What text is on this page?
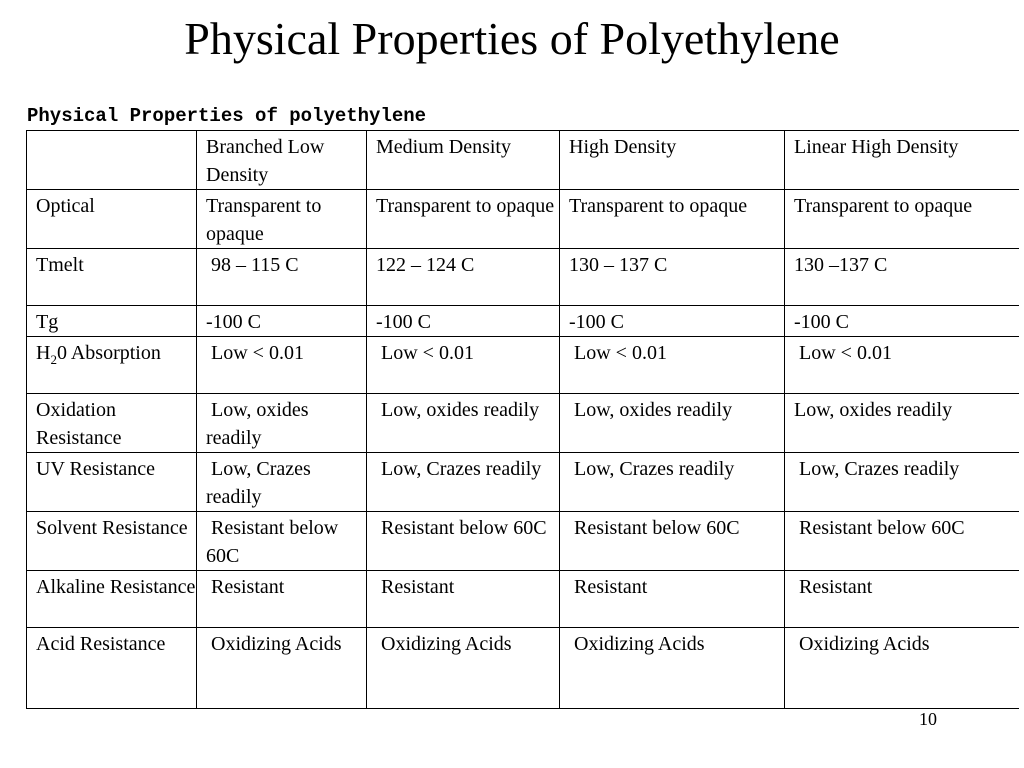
Physical Properties of Polyethylene
Physical Properties of polyethylene
	Branched Low Density	Medium Density	High Density	Linear High Density
Optical	Transparent to opaque	Transparent to opaque	Transparent to opaque	Transparent to opaque
Tmelt	98 – 115 C	122 – 124 C	130 – 137 C	130 –137 C
Tg	-100 C	-100 C	-100 C	-100 C
$H_20$ Absorption	Low < 0.01	Low < 0.01	Low < 0.01	Low < 0.01
Oxidation Resistance	Low, oxides readily	Low, oxides readily	Low, oxides readily	Low, oxides readily
UV Resistance	Low, Crazes readily	Low, Crazes readily	Low, Crazes readily	Low, Crazes readily
Solvent Resistance	Resistant below 60C	Resistant below 60C	Resistant below 60C	Resistant below 60C
Alkaline Resistance	Resistant	Resistant	Resistant	Resistant
Acid Resistance	Oxidizing Acids	Oxidizing Acids	Oxidizing Acids	Oxidizing Acids
10
